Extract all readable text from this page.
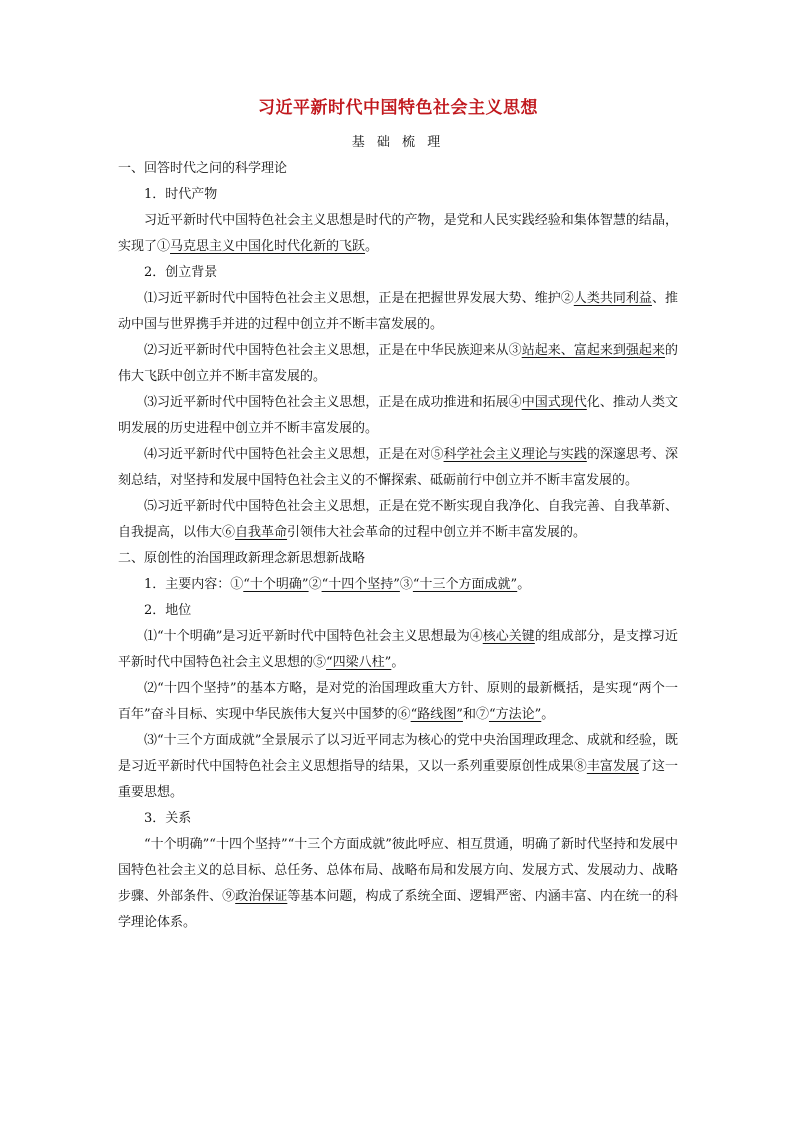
习近平新时代中国特色社会主义思想
基 础 梳 理

一、回答时代之问的科学理论

1．时代产物

习近平新时代中国特色社会主义思想是时代的产物，是党和人民实践经验和集体智慧的结晶，实现了①马克思主义中国化时代化新的飞跃。

2．创立背景

⑴习近平新时代中国特色社会主义思想，正是在把握世界发展大势、维护②人类共同利益、推动中国与世界携手并进的过程中创立并不断丰富发展的。

⑵习近平新时代中国特色社会主义思想，正是在中华民族迎来从③站起来、富起来到强起来的伟大飞跃中创立并不断丰富发展的。

⑶习近平新时代中国特色社会主义思想，正是在成功推进和拓展④中国式现代化、推动人类文明发展的历史进程中创立并不断丰富发展的。

⑷习近平新时代中国特色社会主义思想，正是在对⑤科学社会主义理论与实践的深邃思考、深刻总结，对坚持和发展中国特色社会主义的不懈探索、砥砺前行中创立并不断丰富发展的。

⑸习近平新时代中国特色社会主义思想，正是在党不断实现自我净化、自我完善、自我革新、自我提高，以伟大⑥自我革命引领伟大社会革命的过程中创立并不断丰富发展的。

二、原创性的治国理政新理念新思想新战略

1．主要内容：①“十个明确”②“十四个坚持”③“十三个方面成就”。

2．地位

⑴“十个明确”是习近平新时代中国特色社会主义思想最为④核心关键的组成部分，是支撑习近平新时代中国特色社会主义思想的⑤“四梁八柱”。

⑵“十四个坚持”的基本方略，是对党的治国理政重大方针、原则的最新概括，是实现“两个一百年”奋斗目标、实现中华民族伟大复兴中国梦的⑥“路线图”和⑦“方法论”。

⑶“十三个方面成就”全景展示了以习近平同志为核心的党中央治国理政理念、成就和经验，既是习近平新时代中国特色社会主义思想指导的结果，又以一系列重要原创性成果⑧丰富发展了这一重要思想。

3．关系

“十个明确”“十四个坚持”“十三个方面成就”彼此呼应、相互贯通，明确了新时代坚持和发展中国特色社会主义的总目标、总任务、总体布局、战略布局和发展方向、发展方式、发展动力、战略步骤、外部条件、⑨政治保证等基本问题，构成了系统全面、逻辑严密、内涵丰富、内在统一的科学理论体系。
